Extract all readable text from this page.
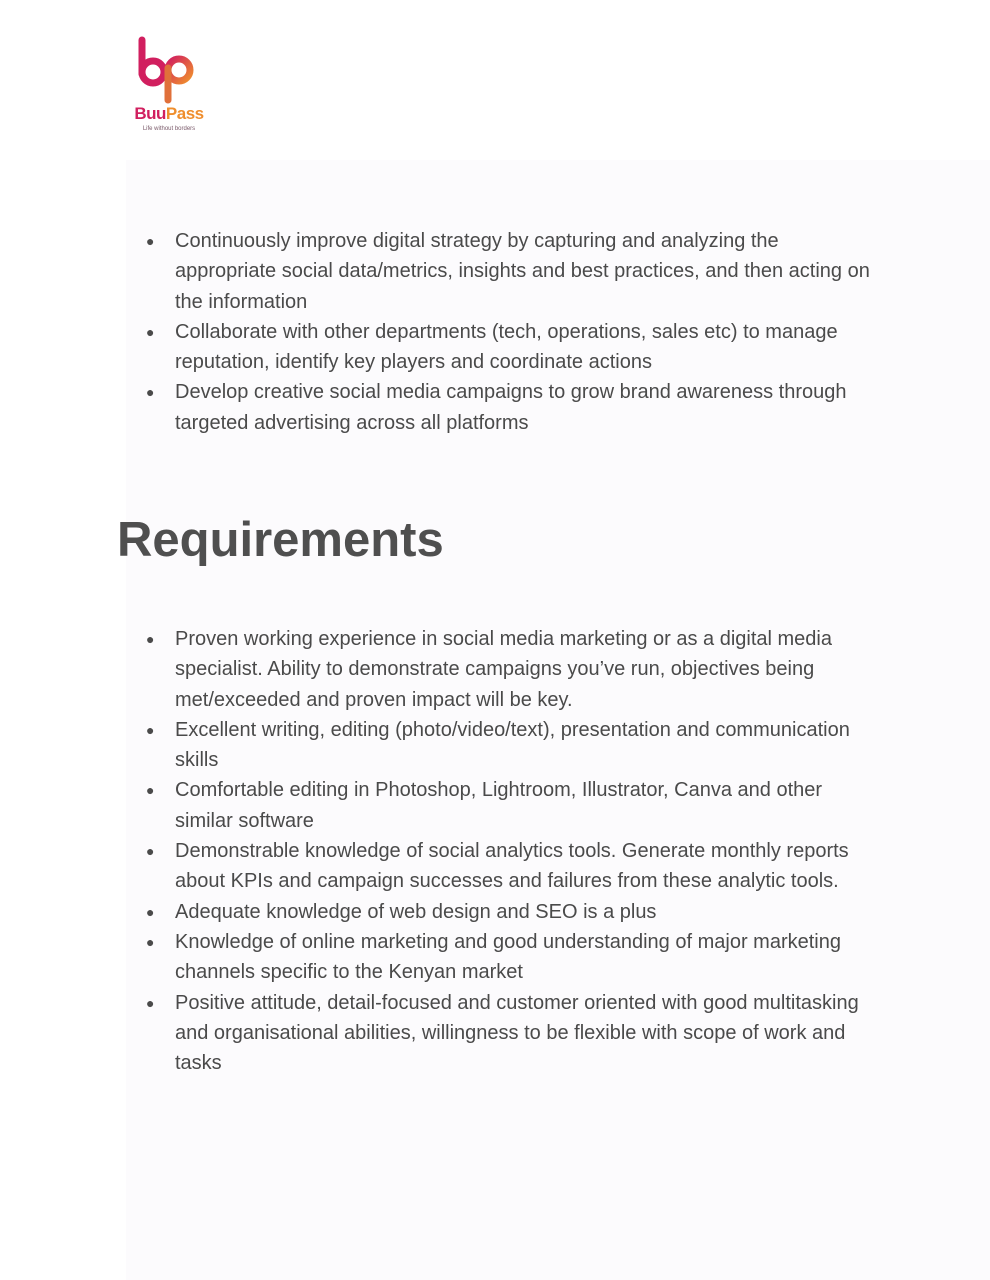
BuuPass
Life without borders
● Continuously improve digital strategy by capturing and analyzing the appropriate social data/metrics, insights and best practices, and then acting on the information
● Collaborate with other departments (tech, operations, sales etc) to manage reputation, identify key players and coordinate actions
● Develop creative social media campaigns to grow brand awareness through targeted advertising across all platforms
Requirements
● Proven working experience in social media marketing or as a digital media specialist. Ability to demonstrate campaigns you’ve run, objectives being met/exceeded and proven impact will be key.
● Excellent writing, editing (photo/video/text), presentation and communication skills
● Comfortable editing in Photoshop, Lightroom, Illustrator, Canva and other similar software
● Demonstrable knowledge of social analytics tools. Generate monthly reports about KPIs and campaign successes and failures from these analytic tools.
● Adequate knowledge of web design and SEO is a plus
● Knowledge of online marketing and good understanding of major marketing channels specific to the Kenyan market
● Positive attitude, detail-focused and customer oriented with good multitasking and organisational abilities, willingness to be flexible with scope of work and tasks
